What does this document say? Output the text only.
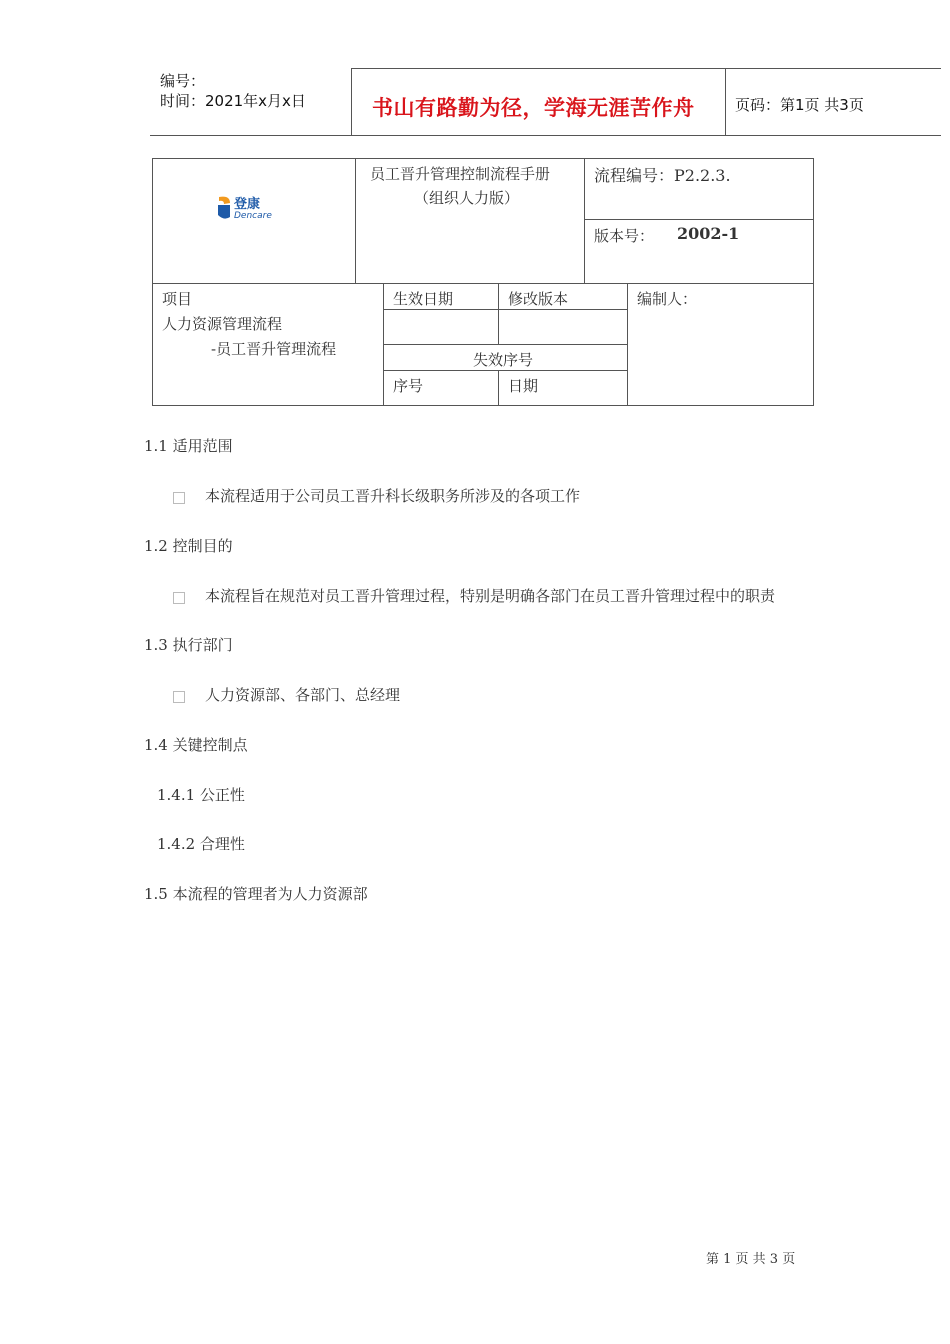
编号：
时间：2021年x月x日	书山有路勤为径，学海无涯苦作舟	页码：第1页 共3页
登康
Dencare
员工晋升管理控制流程手册
（组织人力版）
流程编号：P2.2.3.
版本号： 2002-1
项目
人力资源管理流程
-员工晋升管理流程
生效日期	修改版本
失效序号
序号	日期
编制人：
1.1 适用范围
本流程适用于公司员工晋升科长级职务所涉及的各项工作
1.2 控制目的
本流程旨在规范对员工晋升管理过程，特别是明确各部门在员工晋升管理过程中的职责
1.3 执行部门
人力资源部、各部门、总经理
1.4 关键控制点
1.4.1 公正性
1.4.2 合理性
1.5 本流程的管理者为人力资源部
第 1 页 共 3 页
